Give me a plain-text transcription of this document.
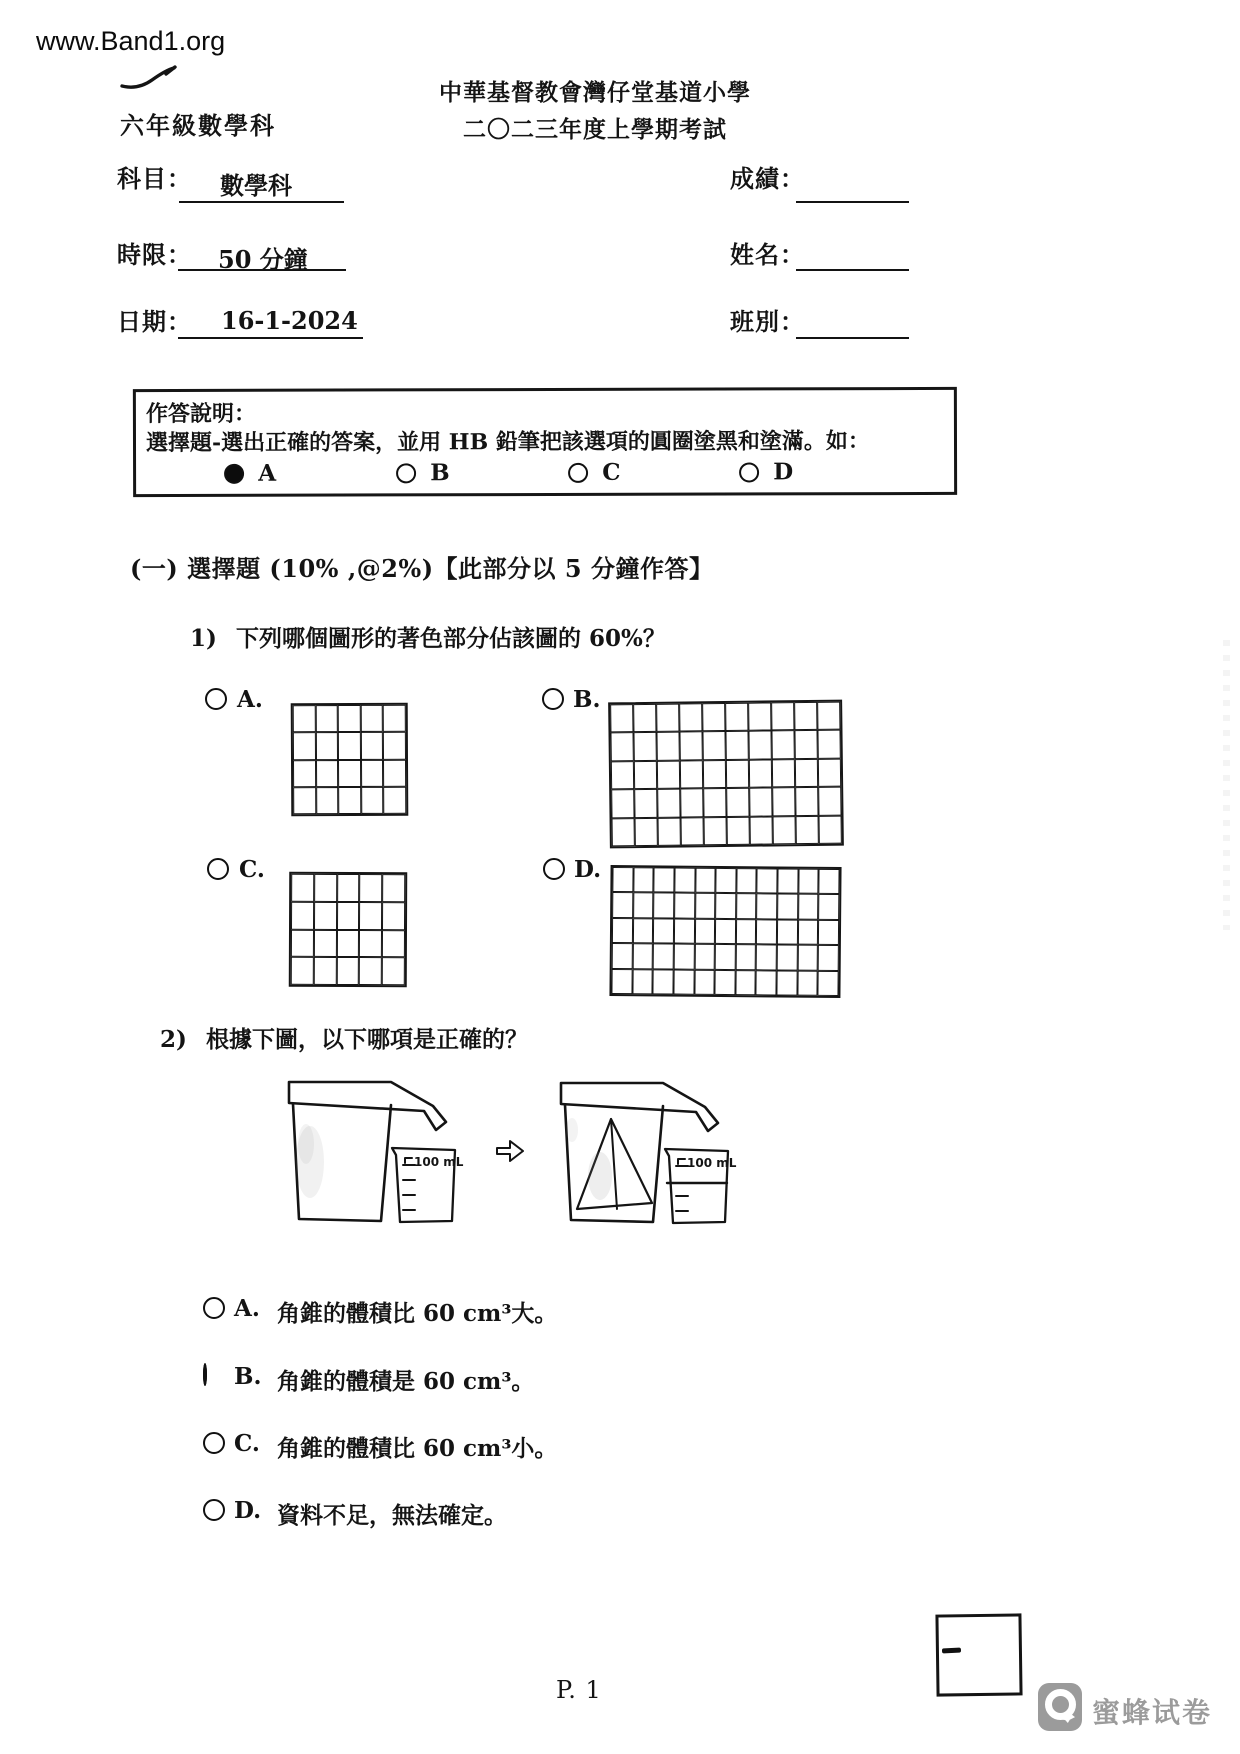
www.Band1.org
中華基督教會灣仔堂基道小學
二〇二三年度上學期考試
六年級數學科
科目： 數學科
時限： 50 分鐘
日期： 16-1-2024
成績：
姓名：
班別：
作答說明：
選擇題-選出正確的答案，並用 HB 鉛筆把該選項的圓圈塗黑和塗滿。如：
A	B	C	D
(一) 選擇題 (10% ,@2%)【此部分以 5 分鐘作答】
1) 下列哪個圖形的著色部分佔該圖的 60%？
A.	B.
C.	D.
2) 根據下圖，以下哪項是正確的？
100 mL	100 mL
A. 角錐的體積比 60 cm³大。
B. 角錐的體積是 60 cm³。
C. 角錐的體積比 60 cm³小。
D. 資料不足，無法確定。
P. 1
蜜蜂试卷
